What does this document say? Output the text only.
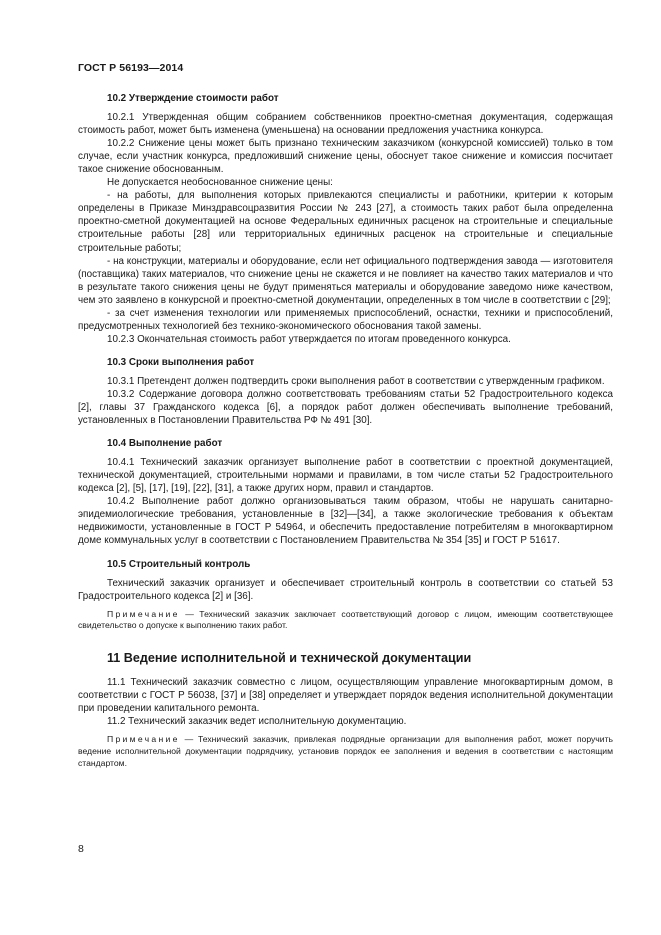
ГОСТ Р 56193—2014

10.2 Утверждение стоимости работ

10.2.1 Утвержденная общим собранием собственников проектно-сметная документация, содержащая стоимость работ, может быть изменена (уменьшена) на основании предложения участника конкурса.

10.2.2 Снижение цены может быть признано техническим заказчиком (конкурсной комиссией) только в том случае, если участник конкурса, предложивший снижение цены, обоснует такое снижение и комиссия посчитает такое снижение обоснованным.

Не допускается необоснованное снижение цены:

- на работы, для выполнения которых привлекаются специалисты и работники, критерии к которым определены в Приказе Минздравсоцразвития России № 243 [27], а стоимость таких работ была определенна проектно-сметной документацией на основе Федеральных единичных расценок на строительные и специальные строительные работы [28] или территориальных единичных расценок на строительные и специальные строительные работы;

- на конструкции, материалы и оборудование, если нет официального подтверждения завода — изготовителя (поставщика) таких материалов, что снижение цены не скажется и не повлияет на качество таких материалов и что в результате такого снижения цены не будут применяться материалы и оборудование заведомо ниже качеством, чем это заявлено в конкурсной и проектно-сметной документации, определенных в том числе в соответствии с [29];

- за счет изменения технологии или применяемых приспособлений, оснастки, техники и приспособлений, предусмотренных технологией без технико-экономического обоснования такой замены.

10.2.3 Окончательная стоимость работ утверждается по итогам проведенного конкурса.

10.3 Сроки выполнения работ

10.3.1 Претендент должен подтвердить сроки выполнения работ в соответствии с утвержденным графиком.

10.3.2 Содержание договора должно соответствовать требованиям статьи 52 Градостроительного кодекса [2], главы 37 Гражданского кодекса [6], а порядок работ должен обеспечивать выполнение требований, установленных в Постановлении Правительства РФ № 491 [30].

10.4 Выполнение работ

10.4.1 Технический заказчик организует выполнение работ в соответствии с проектной документацией, технической документацией, строительными нормами и правилами, в том числе статьи 52 Градостроительного кодекса [2], [5], [17], [19], [22], [31], а также других норм, правил и стандартов.

10.4.2 Выполнение работ должно организовываться таким образом, чтобы не нарушать санитарно-эпидемиологические требования, установленные в [32]—[34], а также экологические требования к объектам недвижимости, установленные в ГОСТ Р 54964, и обеспечить предоставление потребителям в многоквартирном доме коммунальных услуг в соответствии с Постановлением Правительства № 354 [35] и ГОСТ Р 51617.

10.5 Строительный контроль

Технический заказчик организует и обеспечивает строительный контроль в соответствии со статьей 53 Градостроительного кодекса [2] и [36].

Примечание — Технический заказчик заключает соответствующий договор с лицом, имеющим соответствующее свидетельство о допуске к выполнению таких работ.

11 Ведение исполнительной и технической документации

11.1 Технический заказчик совместно с лицом, осуществляющим управление многоквартирным домом, в соответствии с ГОСТ Р 56038, [37] и [38] определяет и утверждает порядок ведения исполнительной документации при проведении капитального ремонта.

11.2 Технический заказчик ведет исполнительную документацию.

Примечание — Технический заказчик, привлекая подрядные организации для выполнения работ, может поручить ведение исполнительной документации подрядчику, установив порядок ее заполнения и ведения в соответствии с настоящим стандартом.

8
